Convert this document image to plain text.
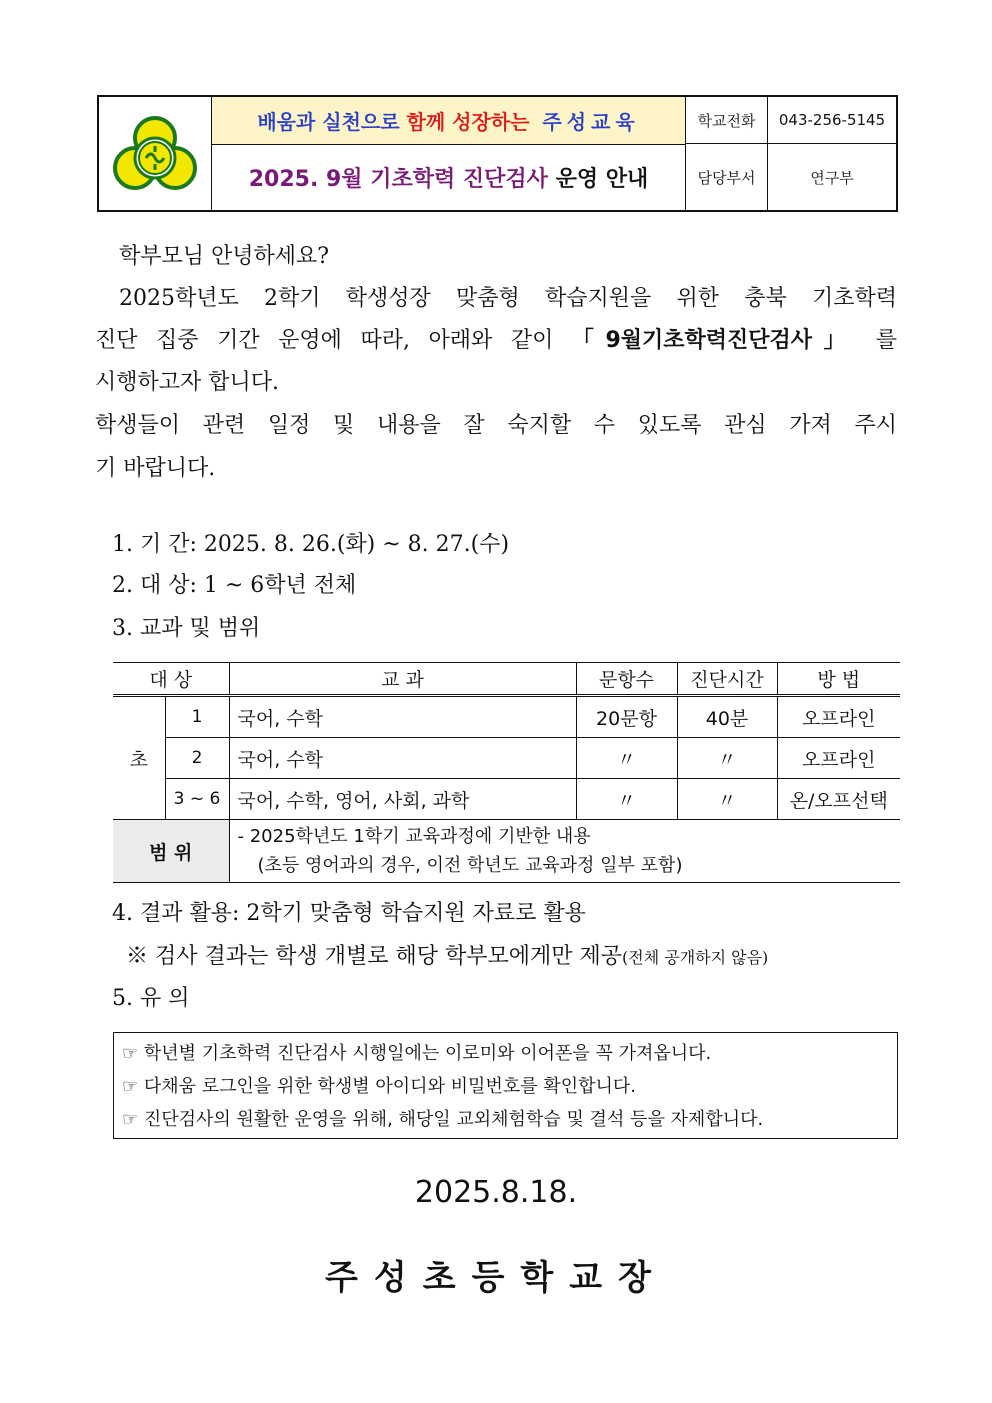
배움과 실천으로
함께 성장하는
주성교육
2025. 9월 기초학력 진단검사
운영 안내
학교전화	043-256-5145
담당부서	연구부
학부모님 안녕하세요?
2025학년도 2학기 학생성장 맞춤형 학습지원을 위한 충북 기초학력
진단 집중 기간 운영에 따라, 아래와 같이 「9월기초학력진단검사」 를
시행하고자 합니다.
학생들이 관련 일정 및 내용을 잘 숙지할 수 있도록 관심 가져 주시
기 바랍니다.
1. 기 간: 2025. 8. 26.(화) ~ 8. 27.(수)
2. 대 상: 1 ~ 6학년 전체
3. 교과 및 범위
대 상		교 과	문항수	진단시간	방 법
초	1	국어, 수학	20문항	40분	오프라인
	2	국어, 수학	〃	〃	오프라인
	3 ~ 6	국어, 수학, 영어, 사회, 과학	〃	〃	온/오프선택
범 위		- 2025학년도 1학기 교육과정에 기반한 내용
(초등 영어과의 경우, 이전 학년도 교육과정 일부 포함)			
4. 결과 활용: 2학기 맞춤형 학습지원 자료로 활용
※ 검사 결과는 학생 개별로 해당 학부모에게만 제공(전체 공개하지 않음)
5. 유 의
☞ 학년별 기초학력 진단검사 시행일에는 이로미와 이어폰을 꼭 가져옵니다.
☞ 다채움 로그인을 위한 학생별 아이디와 비밀번호를 확인합니다.
☞ 진단검사의 원활한 운영을 위해, 해당일 교외체험학습 및 결석 등을 자제합니다.
2025.8.18.
주성초등학교장
